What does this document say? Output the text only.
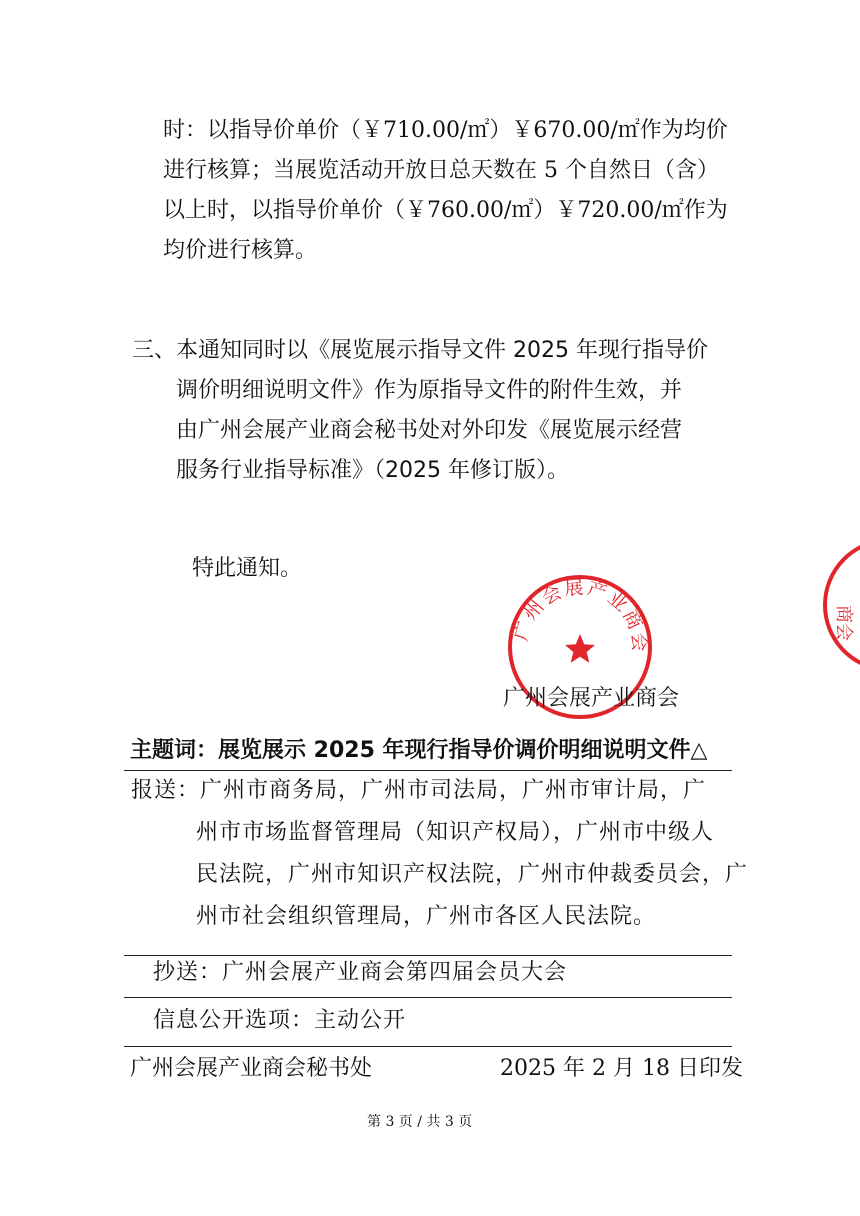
时：以指导价单价（￥710.00/㎡）￥670.00/㎡作为均价
进行核算；当展览活动开放日总天数在 5 个自然日（含）
以上时，以指导价单价（￥760.00/㎡）￥720.00/㎡作为
均价进行核算。
三、本通知同时以《展览展示指导文件 2025 年现行指导价
调价明细说明文件》作为原指导文件的附件生效，并
由广州会展产业商会秘书处对外印发《展览展示经营
服务行业指导标准》（2025 年修订版）。
特此通知。
广州会展产业商会
商会
广州会展产业商会
主题词：展览展示 2025 年现行指导价调价明细说明文件△
报送：广州市商务局，广州市司法局，广州市审计局，广
州市市场监督管理局（知识产权局），广州市中级人
民法院，广州市知识产权法院，广州市仲裁委员会，广
州市社会组织管理局，广州市各区人民法院。
抄送：广州会展产业商会第四届会员大会
信息公开选项：主动公开
广州会展产业商会秘书处	2025 年 2 月 18 日印发
第 3 页 / 共 3 页
